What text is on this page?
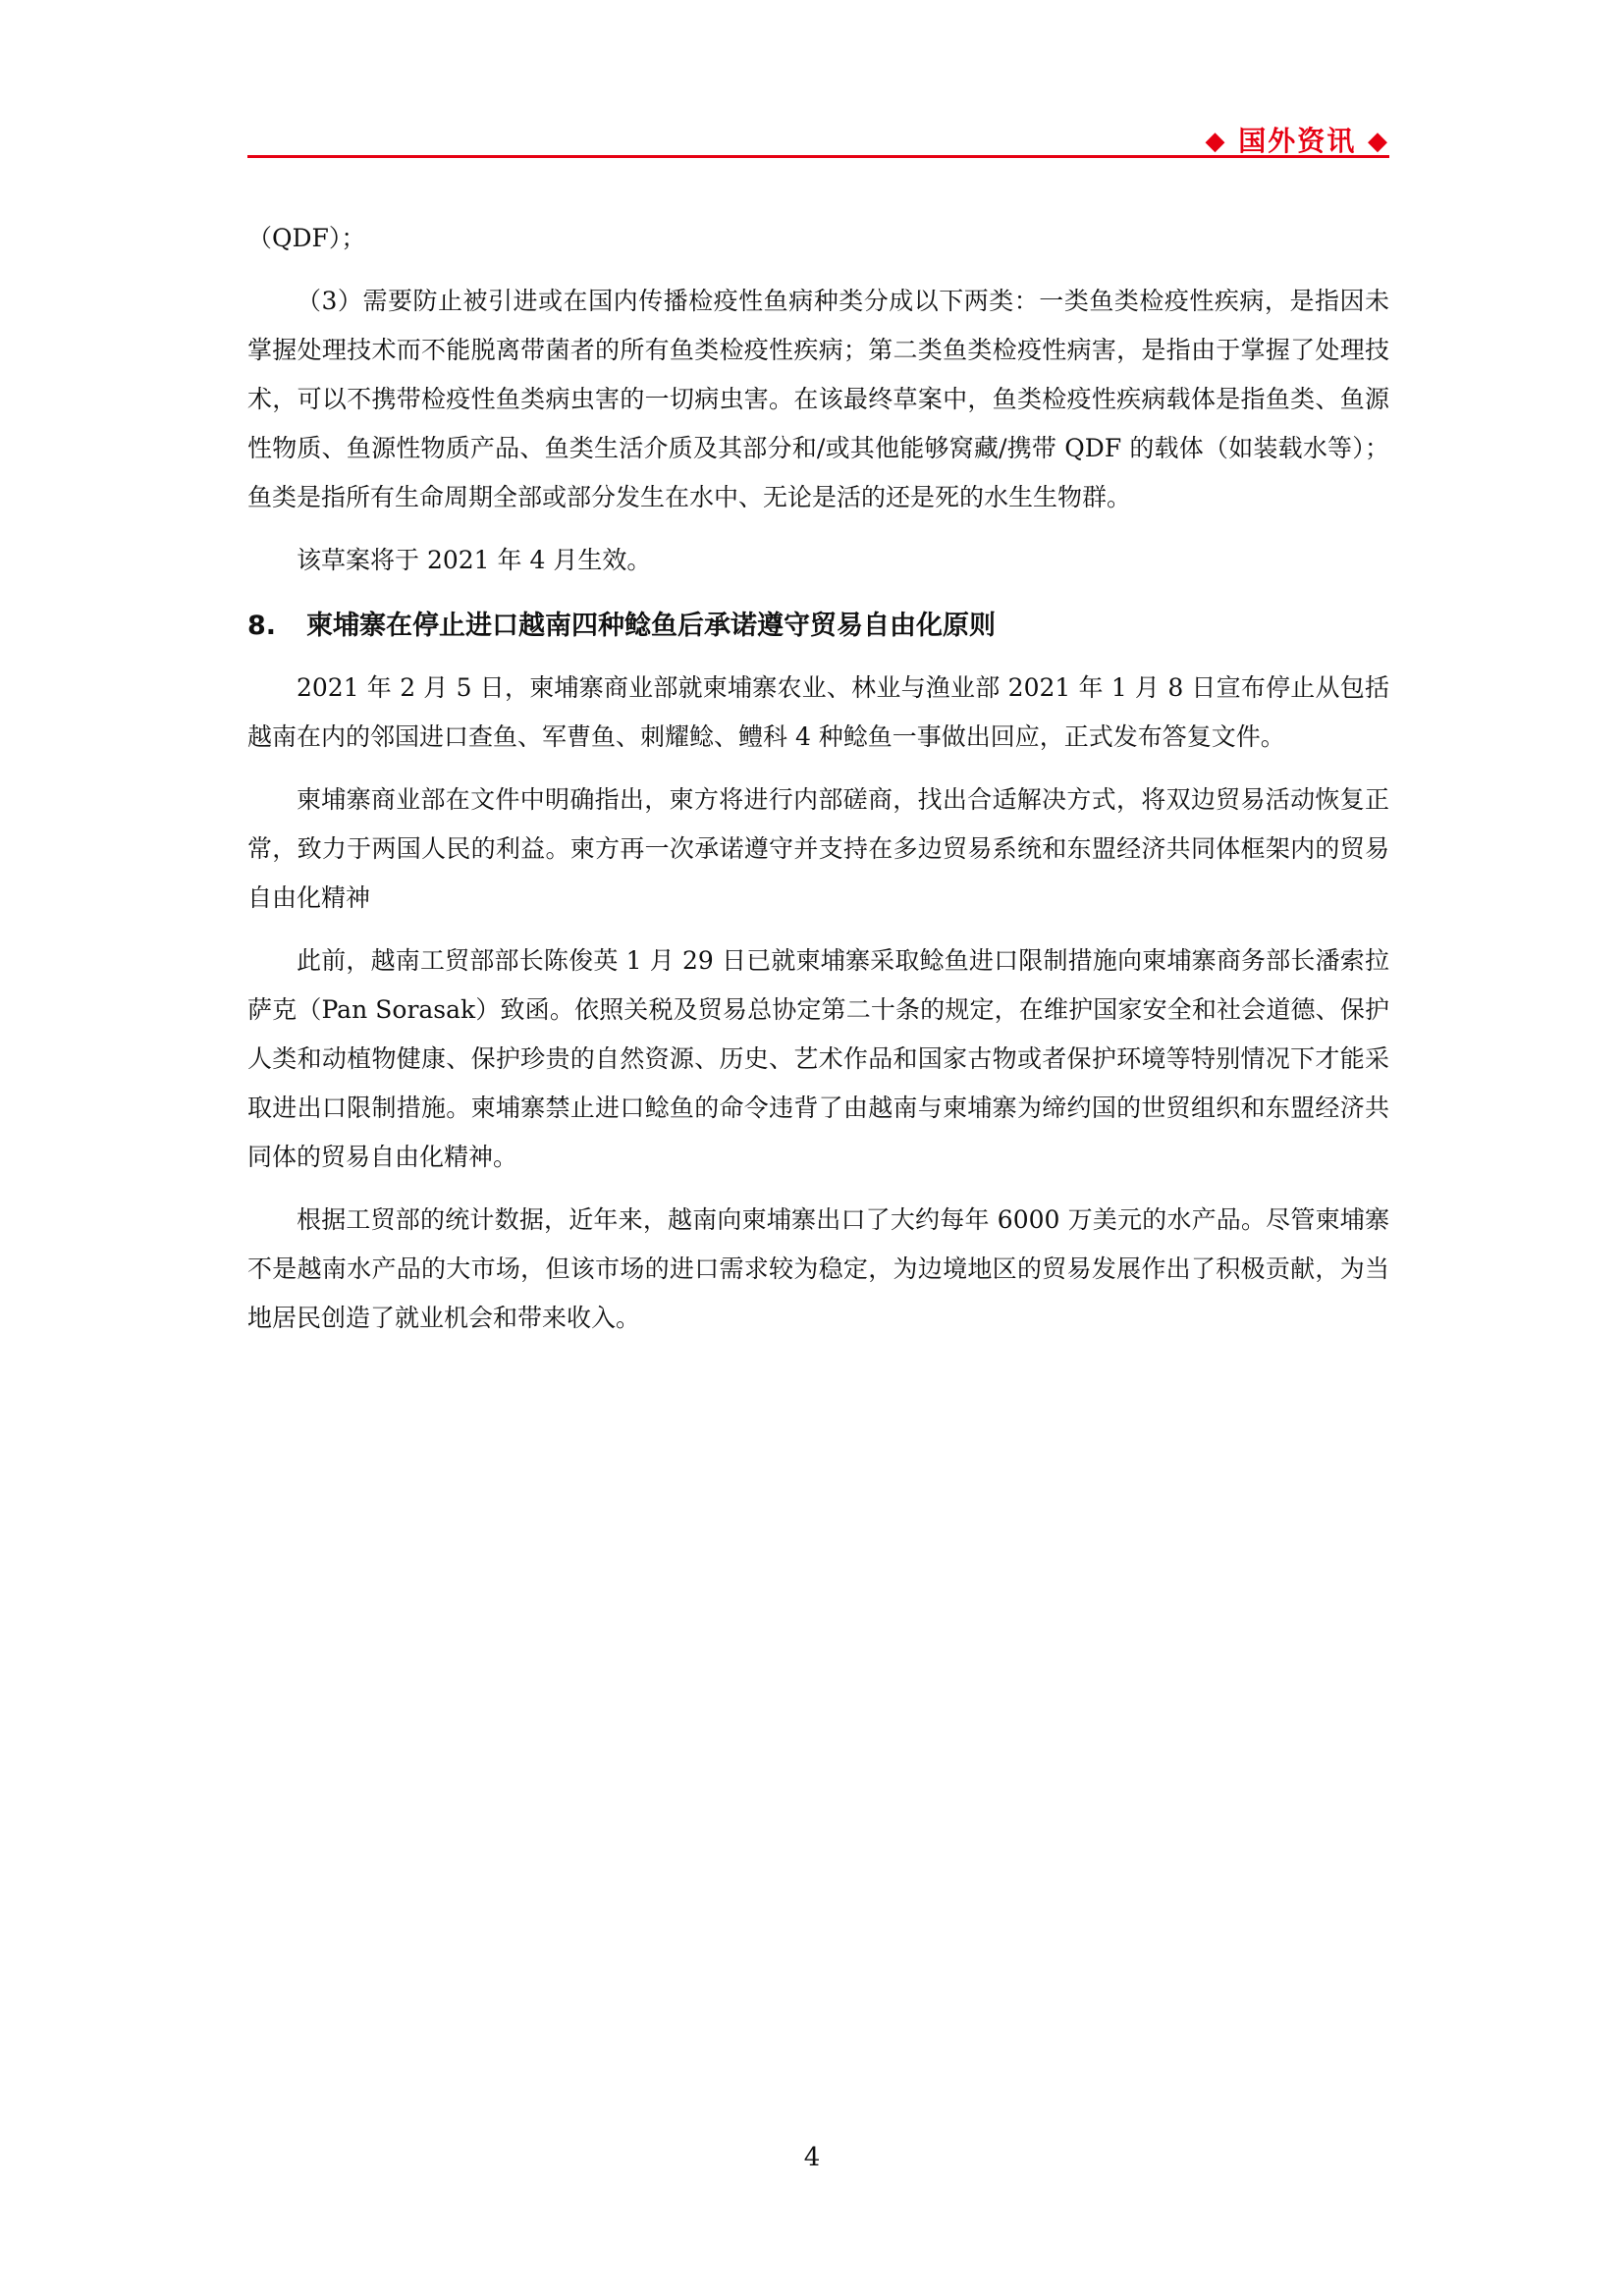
◆ 国外资讯 ◆

（QDF）；

（3）需要防止被引进或在国内传播检疫性鱼病种类分成以下两类：一类鱼类检疫性疾病，是指因未掌握处理技术而不能脱离带菌者的所有鱼类检疫性疾病；第二类鱼类检疫性病害，是指由于掌握了处理技术，可以不携带检疫性鱼类病虫害的一切病虫害。在该最终草案中，鱼类检疫性疾病载体是指鱼类、鱼源性物质、鱼源性物质产品、鱼类生活介质及其部分和/或其他能够窝藏/携带 QDF 的载体（如装载水等）；鱼类是指所有生命周期全部或部分发生在水中、无论是活的还是死的水生生物群。

该草案将于 2021 年 4 月生效。

8. 柬埔寨在停止进口越南四种鲶鱼后承诺遵守贸易自由化原则

2021 年 2 月 5 日，柬埔寨商业部就柬埔寨农业、林业与渔业部 2021 年 1 月 8 日宣布停止从包括越南在内的邻国进口查鱼、军曹鱼、刺耀鲶、鳢科 4 种鲶鱼一事做出回应，正式发布答复文件。

柬埔寨商业部在文件中明确指出，柬方将进行内部磋商，找出合适解决方式，将双边贸易活动恢复正常，致力于两国人民的利益。柬方再一次承诺遵守并支持在多边贸易系统和东盟经济共同体框架内的贸易自由化精神

此前，越南工贸部部长陈俊英 1 月 29 日已就柬埔寨采取鲶鱼进口限制措施向柬埔寨商务部长潘索拉萨克（Pan Sorasak）致函。依照关税及贸易总协定第二十条的规定，在维护国家安全和社会道德、保护人类和动植物健康、保护珍贵的自然资源、历史、艺术作品和国家古物或者保护环境等特别情况下才能采取进出口限制措施。柬埔寨禁止进口鲶鱼的命令违背了由越南与柬埔寨为缔约国的世贸组织和东盟经济共同体的贸易自由化精神。

根据工贸部的统计数据，近年来，越南向柬埔寨出口了大约每年 6000 万美元的水产品。尽管柬埔寨不是越南水产品的大市场，但该市场的进口需求较为稳定，为边境地区的贸易发展作出了积极贡献，为当地居民创造了就业机会和带来收入。

4
